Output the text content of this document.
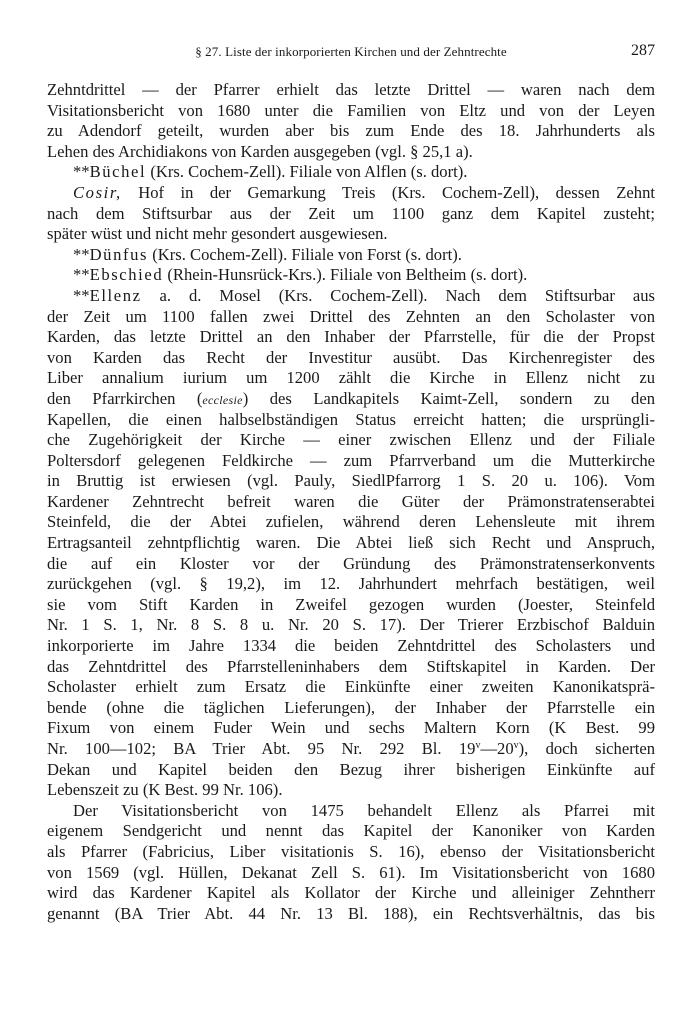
§ 27. Liste der inkorporierten Kirchen und der Zehntrechte	287
Zehntdrittel — der Pfarrer erhielt das letzte Drittel — waren nach dem
Visitationsbericht von 1680 unter die Familien von Eltz und von der Leyen
zu Adendorf geteilt, wurden aber bis zum Ende des 18. Jahrhunderts als
Lehen des Archidiakons von Karden ausgegeben (vgl. § 25,1 a).
**Büchel (Krs. Cochem-Zell). Filiale von Alflen (s. dort).
Cosir, Hof in der Gemarkung Treis (Krs. Cochem-Zell), dessen Zehnt
nach dem Stiftsurbar aus der Zeit um 1100 ganz dem Kapitel zusteht;
später wüst und nicht mehr gesondert ausgewiesen.
**Dünfus (Krs. Cochem-Zell). Filiale von Forst (s. dort).
**Ebschied (Rhein-Hunsrück-Krs.). Filiale von Beltheim (s. dort).
**Ellenz a. d. Mosel (Krs. Cochem-Zell). Nach dem Stiftsurbar aus
der Zeit um 1100 fallen zwei Drittel des Zehnten an den Scholaster von
Karden, das letzte Drittel an den Inhaber der Pfarrstelle, für die der Propst
von Karden das Recht der Investitur ausübt. Das Kirchenregister des
Liber annalium iurium um 1200 zählt die Kirche in Ellenz nicht zu
den Pfarrkirchen (ecclesie) des Landkapitels Kaimt-Zell, sondern zu den
Kapellen, die einen halbselbständigen Status erreicht hatten; die ursprüngli-
che Zugehörigkeit der Kirche — einer zwischen Ellenz und der Filiale
Poltersdorf gelegenen Feldkirche — zum Pfarrverband um die Mutterkirche
in Bruttig ist erwiesen (vgl. Pauly, SiedlPfarrorg 1 S. 20 u. 106). Vom
Kardener Zehntrecht befreit waren die Güter der Prämonstratenserabtei
Steinfeld, die der Abtei zufielen, während deren Lehensleute mit ihrem
Ertragsanteil zehntpflichtig waren. Die Abtei ließ sich Recht und Anspruch,
die auf ein Kloster vor der Gründung des Prämonstratenserkonvents
zurückgehen (vgl. § 19,2), im 12. Jahrhundert mehrfach bestätigen, weil
sie vom Stift Karden in Zweifel gezogen wurden (Joester, Steinfeld
Nr. 1 S. 1, Nr. 8 S. 8 u. Nr. 20 S. 17). Der Trierer Erzbischof Balduin
inkorporierte im Jahre 1334 die beiden Zehntdrittel des Scholasters und
das Zehntdrittel des Pfarrstelleninhabers dem Stiftskapitel in Karden. Der
Scholaster erhielt zum Ersatz die Einkünfte einer zweiten Kanonikatsprä-
bende (ohne die täglichen Lieferungen), der Inhaber der Pfarrstelle ein
Fixum von einem Fuder Wein und sechs Maltern Korn (K Best. 99
Nr. 100—102; BA Trier Abt. 95 Nr. 292 Bl. 19$^v$—20$^v$), doch sicherten
Dekan und Kapitel beiden den Bezug ihrer bisherigen Einkünfte auf
Lebenszeit zu (K Best. 99 Nr. 106).
Der Visitationsbericht von 1475 behandelt Ellenz als Pfarrei mit
eigenem Sendgericht und nennt das Kapitel der Kanoniker von Karden
als Pfarrer (Fabricius, Liber visitationis S. 16), ebenso der Visitationsbericht
von 1569 (vgl. Hüllen, Dekanat Zell S. 61). Im Visitationsbericht von 1680
wird das Kardener Kapitel als Kollator der Kirche und alleiniger Zehntherr
genannt (BA Trier Abt. 44 Nr. 13 Bl. 188), ein Rechtsverhältnis, das bis
